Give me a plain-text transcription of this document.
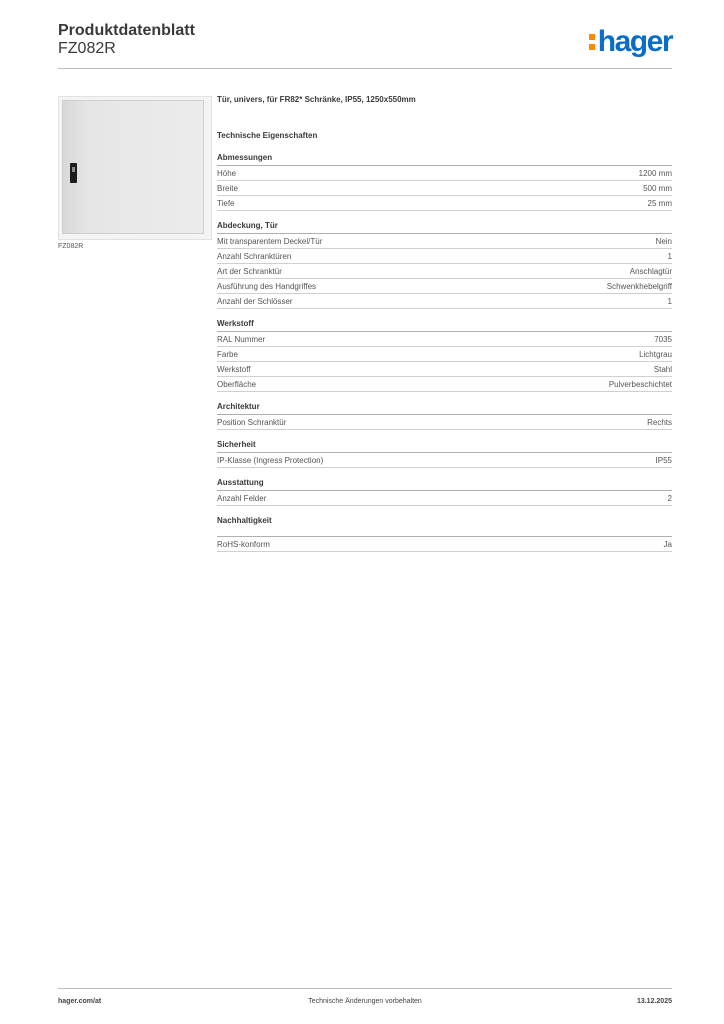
Produktdatenblatt
FZ082R	hager
FZ082R
Tür, univers, für FR82* Schränke, IP55, 1250x550mm
Technische Eigenschaften
Abmessungen
Höhe	1200 mm
Breite	500 mm
Tiefe	25 mm
Abdeckung, Tür
Mit transparentem Deckel/Tür	Nein
Anzahl Schranktüren	1
Art der Schranktür	Anschlagtür
Ausführung des Handgriffes	Schwenkhebelgriff
Anzahl der Schlösser	1
Werkstoff
RAL Nummer	7035
Farbe	Lichtgrau
Werkstoff	Stahl
Oberfläche	Pulverbeschichtet
Architektur
Position Schranktür	Rechts
Sicherheit
IP-Klasse (Ingress Protection)	IP55
Ausstattung
Anzahl Felder	2
Nachhaltigkeit
RoHS-konform	Ja
hager.com/at	Technische Änderungen vorbehalten	13.12.2025
